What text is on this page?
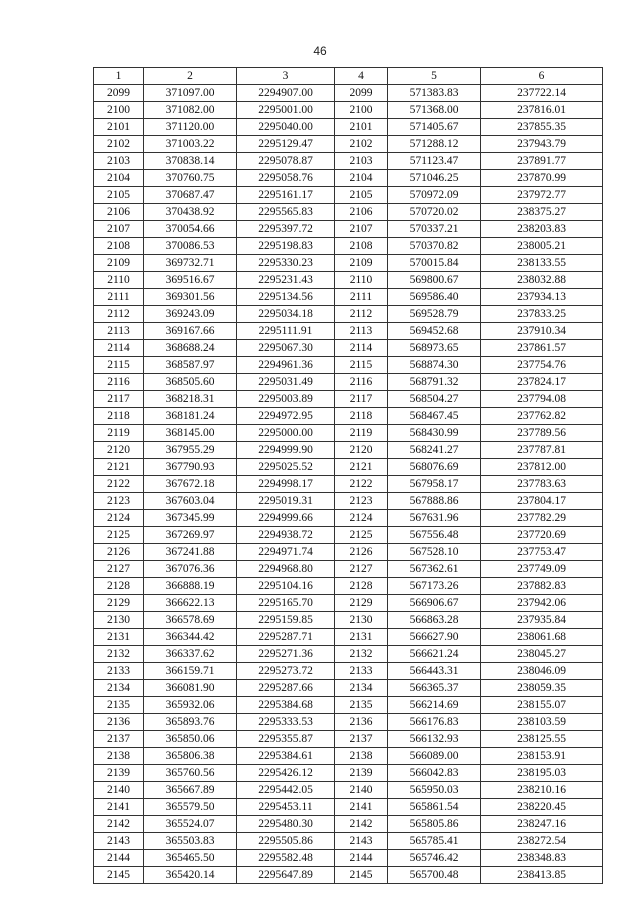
46
1	2	3	4	5	6
2099	371097.00	2294907.00	2099	571383.83	237722.14
2100	371082.00	2295001.00	2100	571368.00	237816.01
2101	371120.00	2295040.00	2101	571405.67	237855.35
2102	371003.22	2295129.47	2102	571288.12	237943.79
2103	370838.14	2295078.87	2103	571123.47	237891.77
2104	370760.75	2295058.76	2104	571046.25	237870.99
2105	370687.47	2295161.17	2105	570972.09	237972.77
2106	370438.92	2295565.83	2106	570720.02	238375.27
2107	370054.66	2295397.72	2107	570337.21	238203.83
2108	370086.53	2295198.83	2108	570370.82	238005.21
2109	369732.71	2295330.23	2109	570015.84	238133.55
2110	369516.67	2295231.43	2110	569800.67	238032.88
2111	369301.56	2295134.56	2111	569586.40	237934.13
2112	369243.09	2295034.18	2112	569528.79	237833.25
2113	369167.66	2295111.91	2113	569452.68	237910.34
2114	368688.24	2295067.30	2114	568973.65	237861.57
2115	368587.97	2294961.36	2115	568874.30	237754.76
2116	368505.60	2295031.49	2116	568791.32	237824.17
2117	368218.31	2295003.89	2117	568504.27	237794.08
2118	368181.24	2294972.95	2118	568467.45	237762.82
2119	368145.00	2295000.00	2119	568430.99	237789.56
2120	367955.29	2294999.90	2120	568241.27	237787.81
2121	367790.93	2295025.52	2121	568076.69	237812.00
2122	367672.18	2294998.17	2122	567958.17	237783.63
2123	367603.04	2295019.31	2123	567888.86	237804.17
2124	367345.99	2294999.66	2124	567631.96	237782.29
2125	367269.97	2294938.72	2125	567556.48	237720.69
2126	367241.88	2294971.74	2126	567528.10	237753.47
2127	367076.36	2294968.80	2127	567362.61	237749.09
2128	366888.19	2295104.16	2128	567173.26	237882.83
2129	366622.13	2295165.70	2129	566906.67	237942.06
2130	366578.69	2295159.85	2130	566863.28	237935.84
2131	366344.42	2295287.71	2131	566627.90	238061.68
2132	366337.62	2295271.36	2132	566621.24	238045.27
2133	366159.71	2295273.72	2133	566443.31	238046.09
2134	366081.90	2295287.66	2134	566365.37	238059.35
2135	365932.06	2295384.68	2135	566214.69	238155.07
2136	365893.76	2295333.53	2136	566176.83	238103.59
2137	365850.06	2295355.87	2137	566132.93	238125.55
2138	365806.38	2295384.61	2138	566089.00	238153.91
2139	365760.56	2295426.12	2139	566042.83	238195.03
2140	365667.89	2295442.05	2140	565950.03	238210.16
2141	365579.50	2295453.11	2141	565861.54	238220.45
2142	365524.07	2295480.30	2142	565805.86	238247.16
2143	365503.83	2295505.86	2143	565785.41	238272.54
2144	365465.50	2295582.48	2144	565746.42	238348.83
2145	365420.14	2295647.89	2145	565700.48	238413.85
